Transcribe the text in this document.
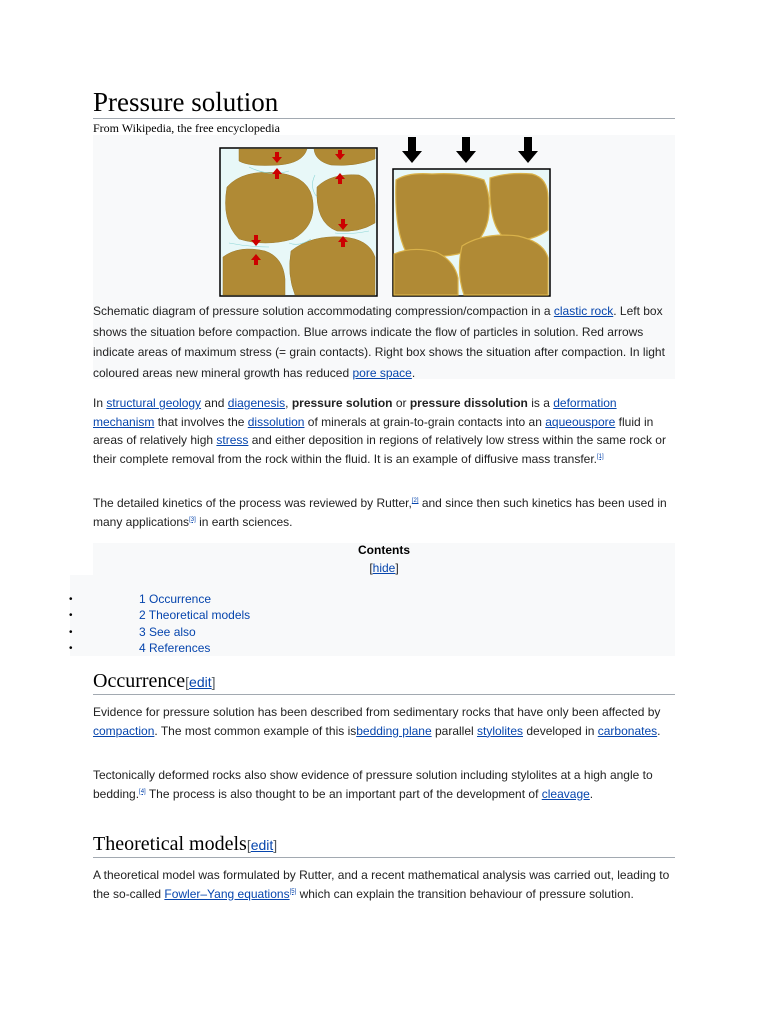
Pressure solution
From Wikipedia, the free encyclopedia
Schematic diagram of pressure solution accommodating compression/compaction in a clastic rock. Left box shows the situation before compaction. Blue arrows indicate the flow of particles in solution. Red arrows indicate areas of maximum stress (= grain contacts). Right box shows the situation after compaction. In light coloured areas new mineral growth has reduced pore space.

In structural geology and diagenesis, pressure solution or pressure dissolution is a deformation mechanism that involves the dissolution of minerals at grain-to-grain contacts into an aqueouspore fluid in areas of relatively high stress and either deposition in regions of relatively low stress within the same rock or their complete removal from the rock within the fluid. It is an example of diffusive mass transfer.[1]

The detailed kinetics of the process was reviewed by Rutter,[2] and since then such kinetics has been used in many applications[3] in earth sciences.

Contents
[hide]
1 Occurrence
2 Theoretical models
3 See also
4 References
•
•
•
•
Occurrence[edit]

Evidence for pressure solution has been described from sedimentary rocks that have only been affected by compaction. The most common example of this isbedding plane parallel stylolites developed in carbonates.

Tectonically deformed rocks also show evidence of pressure solution including stylolites at a high angle to bedding.[4] The process is also thought to be an important part of the development of cleavage.

Theoretical models[edit]

A theoretical model was formulated by Rutter, and a recent mathematical analysis was carried out, leading to the so-called Fowler–Yang equations[5] which can explain the transition behaviour of pressure solution.
